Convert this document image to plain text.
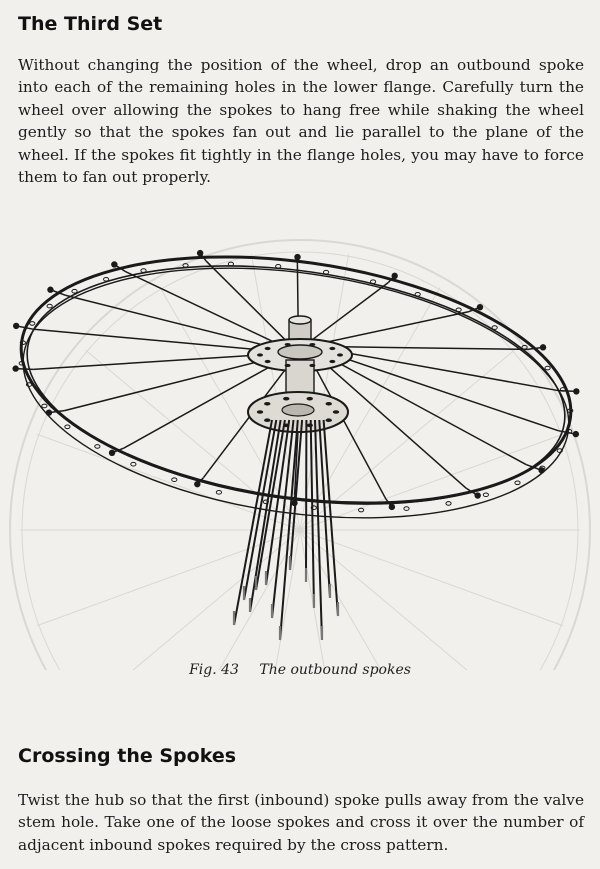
The Third Set

Without changing the position of the wheel, drop an outbound spoke into each of the remaining holes in the lower flange. Carefully turn the wheel over allowing the spokes to hang free while shaking the wheel gently so that the spokes fan out and lie parallel to the plane of the wheel. If the spokes fit tightly in the flange holes, you may have to force them to fan out properly.

Fig. 43 The outbound spokes
Crossing the Spokes

Twist the hub so that the first (inbound) spoke pulls away from the valve stem hole. Take one of the loose spokes and cross it over the number of adjacent inbound spokes required by the cross pattern.
